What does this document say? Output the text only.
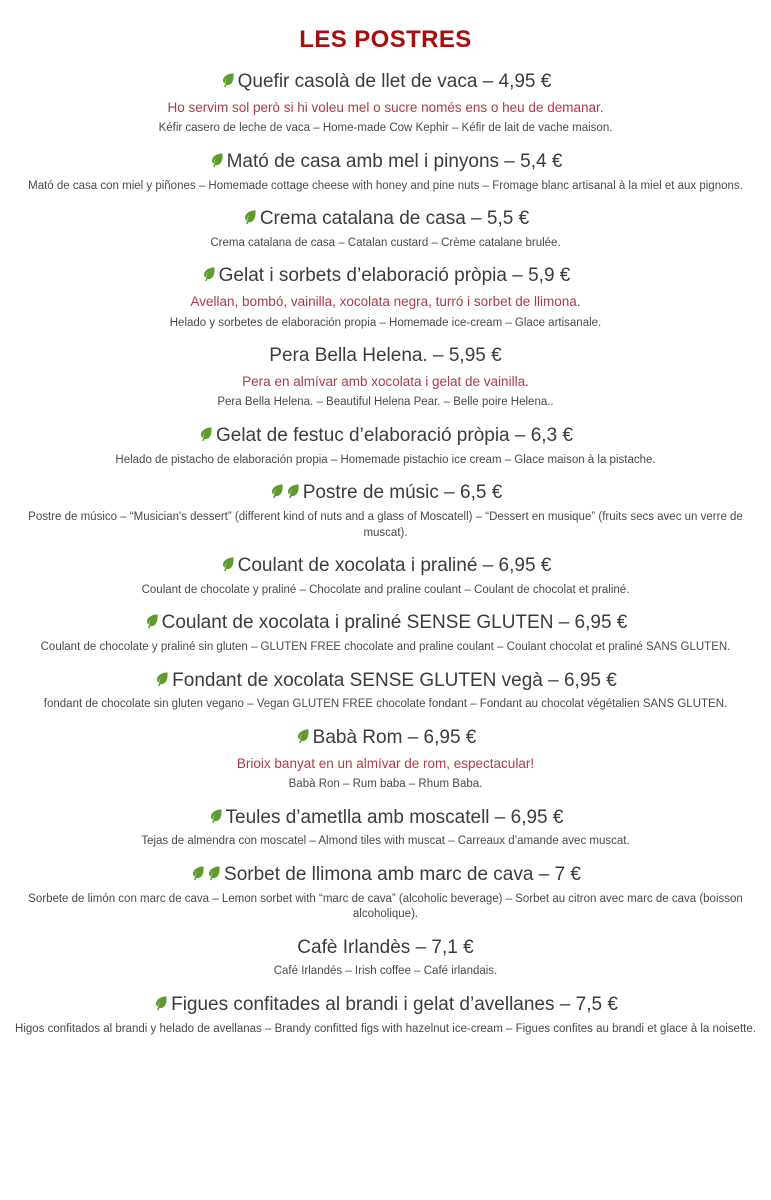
LES POSTRES

Quefir casolà de llet de vaca – 4,95 €

Ho servim sol però si hi voleu mel o sucre només ens o heu de demanar.

Kéfir casero de leche de vaca – Home-made Cow Kephir – Kéfir de lait de vache maison.

Mató de casa amb mel i pinyons – 5,4 €

Mató de casa con miel y piñones – Homemade cottage cheese with honey and pine nuts – Fromage blanc artisanal à la miel et aux pignons.

Crema catalana de casa – 5,5 €

Crema catalana de casa – Catalan custard – Crème catalane brulée.

Gelat i sorbets d’elaboració pròpia – 5,9 €

Avellan, bombó, vainilla, xocolata negra, turró i sorbet de llimona.

Helado y sorbetes de elaboración propia – Homemade ice-cream – Glace artisanale.

Pera Bella Helena. – 5,95 €

Pera en almívar amb xocolata i gelat de vainilla.

Pera Bella Helena. – Beautiful Helena Pear. – Belle poire Helena..

Gelat de festuc d’elaboració pròpia – 6,3 €

Helado de pistacho de elaboración propia – Homemade pistachio ice cream – Glace maison à la pistache.

Postre de músic – 6,5 €

Postre de músico – “Musician's dessert” (different kind of nuts and a glass of Moscatell) – “Dessert en musique” (fruits secs avec un verre de muscat).

Coulant de xocolata i praliné – 6,95 €

Coulant de chocolate y praliné – Chocolate and praline coulant – Coulant de chocolat et praliné.

Coulant de xocolata i praliné SENSE GLUTEN – 6,95 €

Coulant de chocolate y praliné sin gluten – GLUTEN FREE chocolate and praline coulant – Coulant chocolat et praliné SANS GLUTEN.

Fondant de xocolata SENSE GLUTEN vegà – 6,95 €

fondant de chocolate sin gluten vegano – Vegan GLUTEN FREE chocolate fondant – Fondant au chocolat végétalien SANS GLUTEN.

Babà Rom – 6,95 €

Brioix banyat en un almívar de rom, espectacular!

Babà Ron – Rum baba – Rhum Baba.

Teules d’ametlla amb moscatell – 6,95 €

Tejas de almendra con moscatel – Almond tiles with muscat – Carreaux d’amande avec muscat.

Sorbet de llimona amb marc de cava – 7 €

Sorbete de limón con marc de cava – Lemon sorbet with “marc de cava” (alcoholic beverage) – Sorbet au citron avec marc de cava (boisson alcoholique).

Cafè Irlandès – 7,1 €

Café Irlandés – Irish coffee – Café irlandais.

Figues confitades al brandi i gelat d’avellanes – 7,5 €

Higos confitados al brandi y helado de avellanas – Brandy confitted figs with hazelnut ice-cream – Figues confites au brandi et glace à la noisette.
